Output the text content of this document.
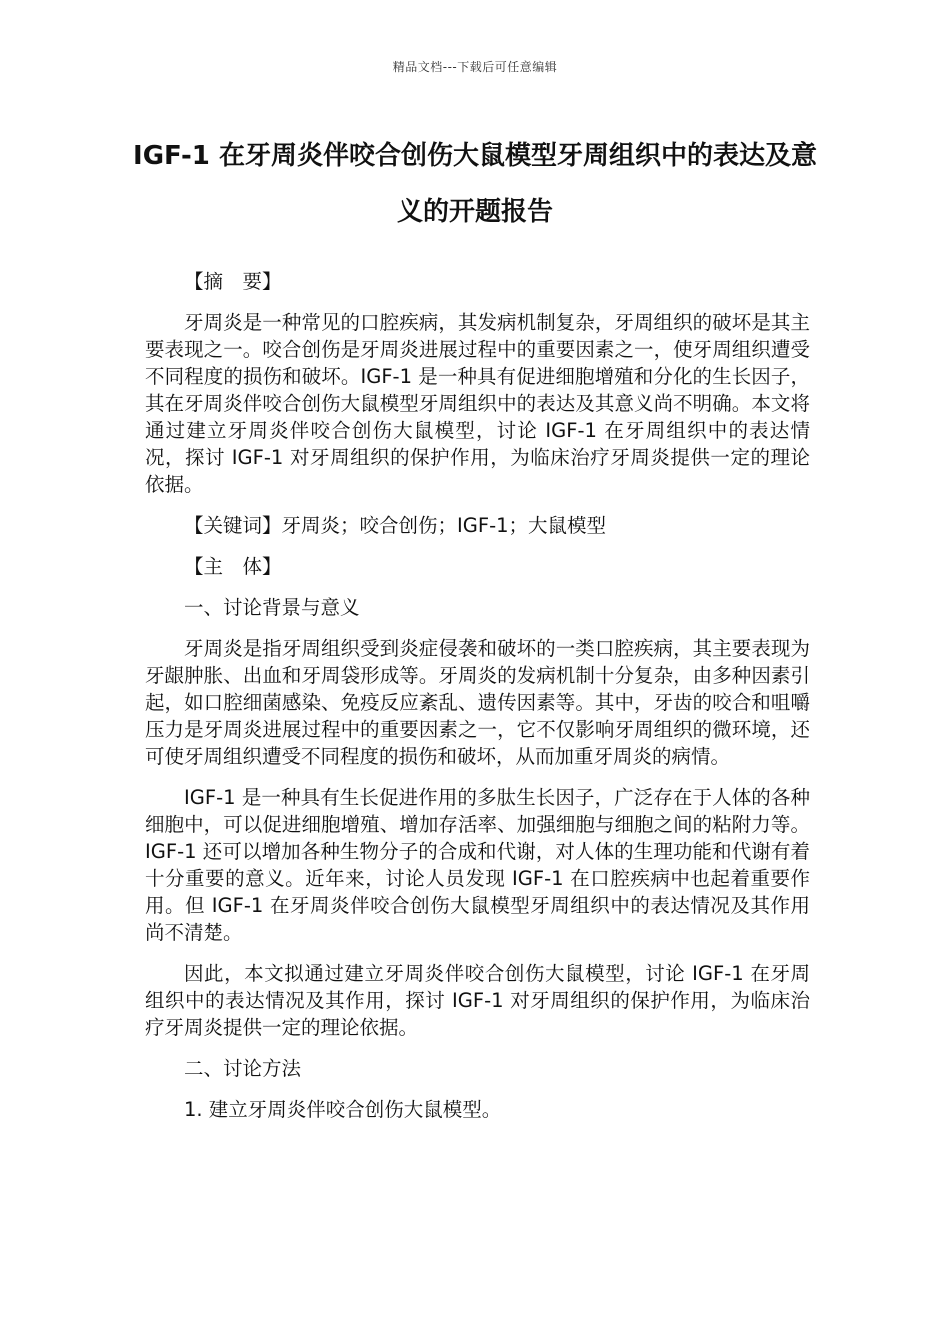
精品文档---下载后可任意编辑
IGF-1 在牙周炎伴咬合创伤大鼠模型牙周组织中的表达及意义的开题报告
【摘　要】

牙周炎是一种常见的口腔疾病，其发病机制复杂，牙周组织的破坏是其主要表现之一。咬合创伤是牙周炎进展过程中的重要因素之一，使牙周组织遭受不同程度的损伤和破坏。IGF-1 是一种具有促进细胞增殖和分化的生长因子，其在牙周炎伴咬合创伤大鼠模型牙周组织中的表达及其意义尚不明确。本文将通过建立牙周炎伴咬合创伤大鼠模型，讨论 IGF-1 在牙周组织中的表达情况，探讨 IGF-1 对牙周组织的保护作用，为临床治疗牙周炎提供一定的理论依据。

【关键词】牙周炎；咬合创伤；IGF-1；大鼠模型
【主　体】
一、讨论背景与意义

牙周炎是指牙周组织受到炎症侵袭和破坏的一类口腔疾病，其主要表现为牙龈肿胀、出血和牙周袋形成等。牙周炎的发病机制十分复杂，由多种因素引起，如口腔细菌感染、免疫反应紊乱、遗传因素等。其中，牙齿的咬合和咀嚼压力是牙周炎进展过程中的重要因素之一，它不仅影响牙周组织的微环境，还可使牙周组织遭受不同程度的损伤和破坏，从而加重牙周炎的病情。

IGF-1 是一种具有生长促进作用的多肽生长因子，广泛存在于人体的各种细胞中，可以促进细胞增殖、增加存活率、加强细胞与细胞之间的粘附力等。IGF-1 还可以增加各种生物分子的合成和代谢，对人体的生理功能和代谢有着十分重要的意义。近年来，讨论人员发现 IGF-1 在口腔疾病中也起着重要作用。但 IGF-1 在牙周炎伴咬合创伤大鼠模型牙周组织中的表达情况及其作用尚不清楚。

因此，本文拟通过建立牙周炎伴咬合创伤大鼠模型，讨论 IGF-1 在牙周组织中的表达情况及其作用，探讨 IGF-1 对牙周组织的保护作用，为临床治疗牙周炎提供一定的理论依据。

二、讨论方法
1. 建立牙周炎伴咬合创伤大鼠模型。
